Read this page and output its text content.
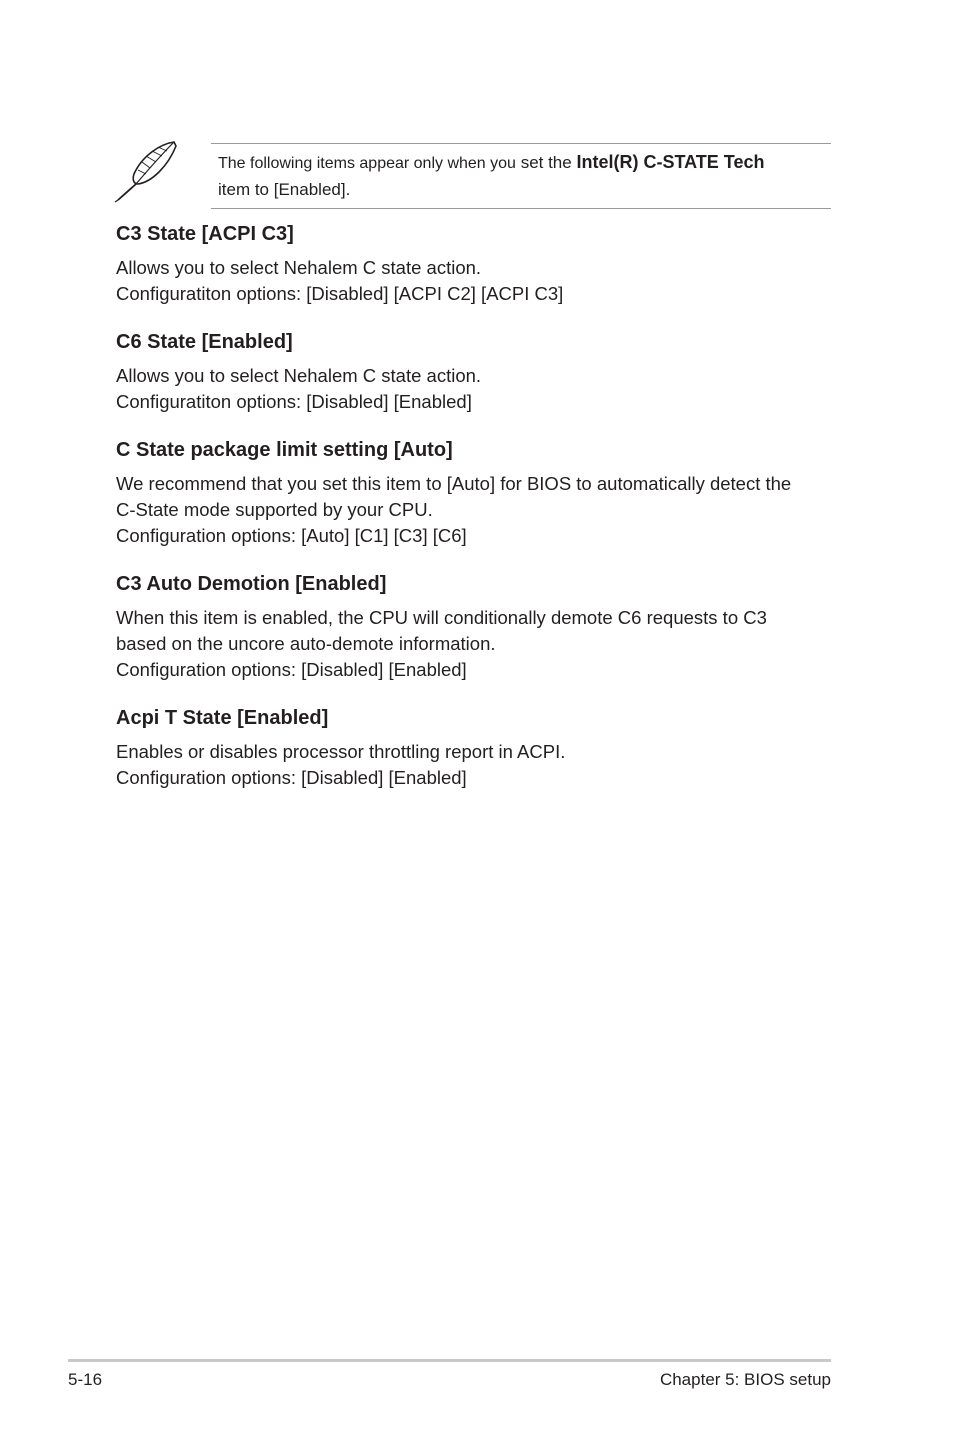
The following items appear only when you set the Intel(R) C-STATE Tech
item to [Enabled].
C3 State [ACPI C3]
Allows you to select Nehalem C state action.
Configuratiton options: [Disabled] [ACPI C2] [ACPI C3]
C6 State [Enabled]
Allows you to select Nehalem C state action.
Configuratiton options: [Disabled] [Enabled]
C State package limit setting [Auto]
We recommend that you set this item to [Auto] for BIOS to automatically detect the
C-State mode supported by your CPU.
Configuration options: [Auto] [C1] [C3] [C6]
C3 Auto Demotion [Enabled]
When this item is enabled, the CPU will conditionally demote C6 requests to C3
based on the uncore auto-demote information.
Configuration options: [Disabled] [Enabled]
Acpi T State [Enabled]
Enables or disables processor throttling report in ACPI.
Configuration options: [Disabled] [Enabled]
5-16	Chapter 5: BIOS setup
